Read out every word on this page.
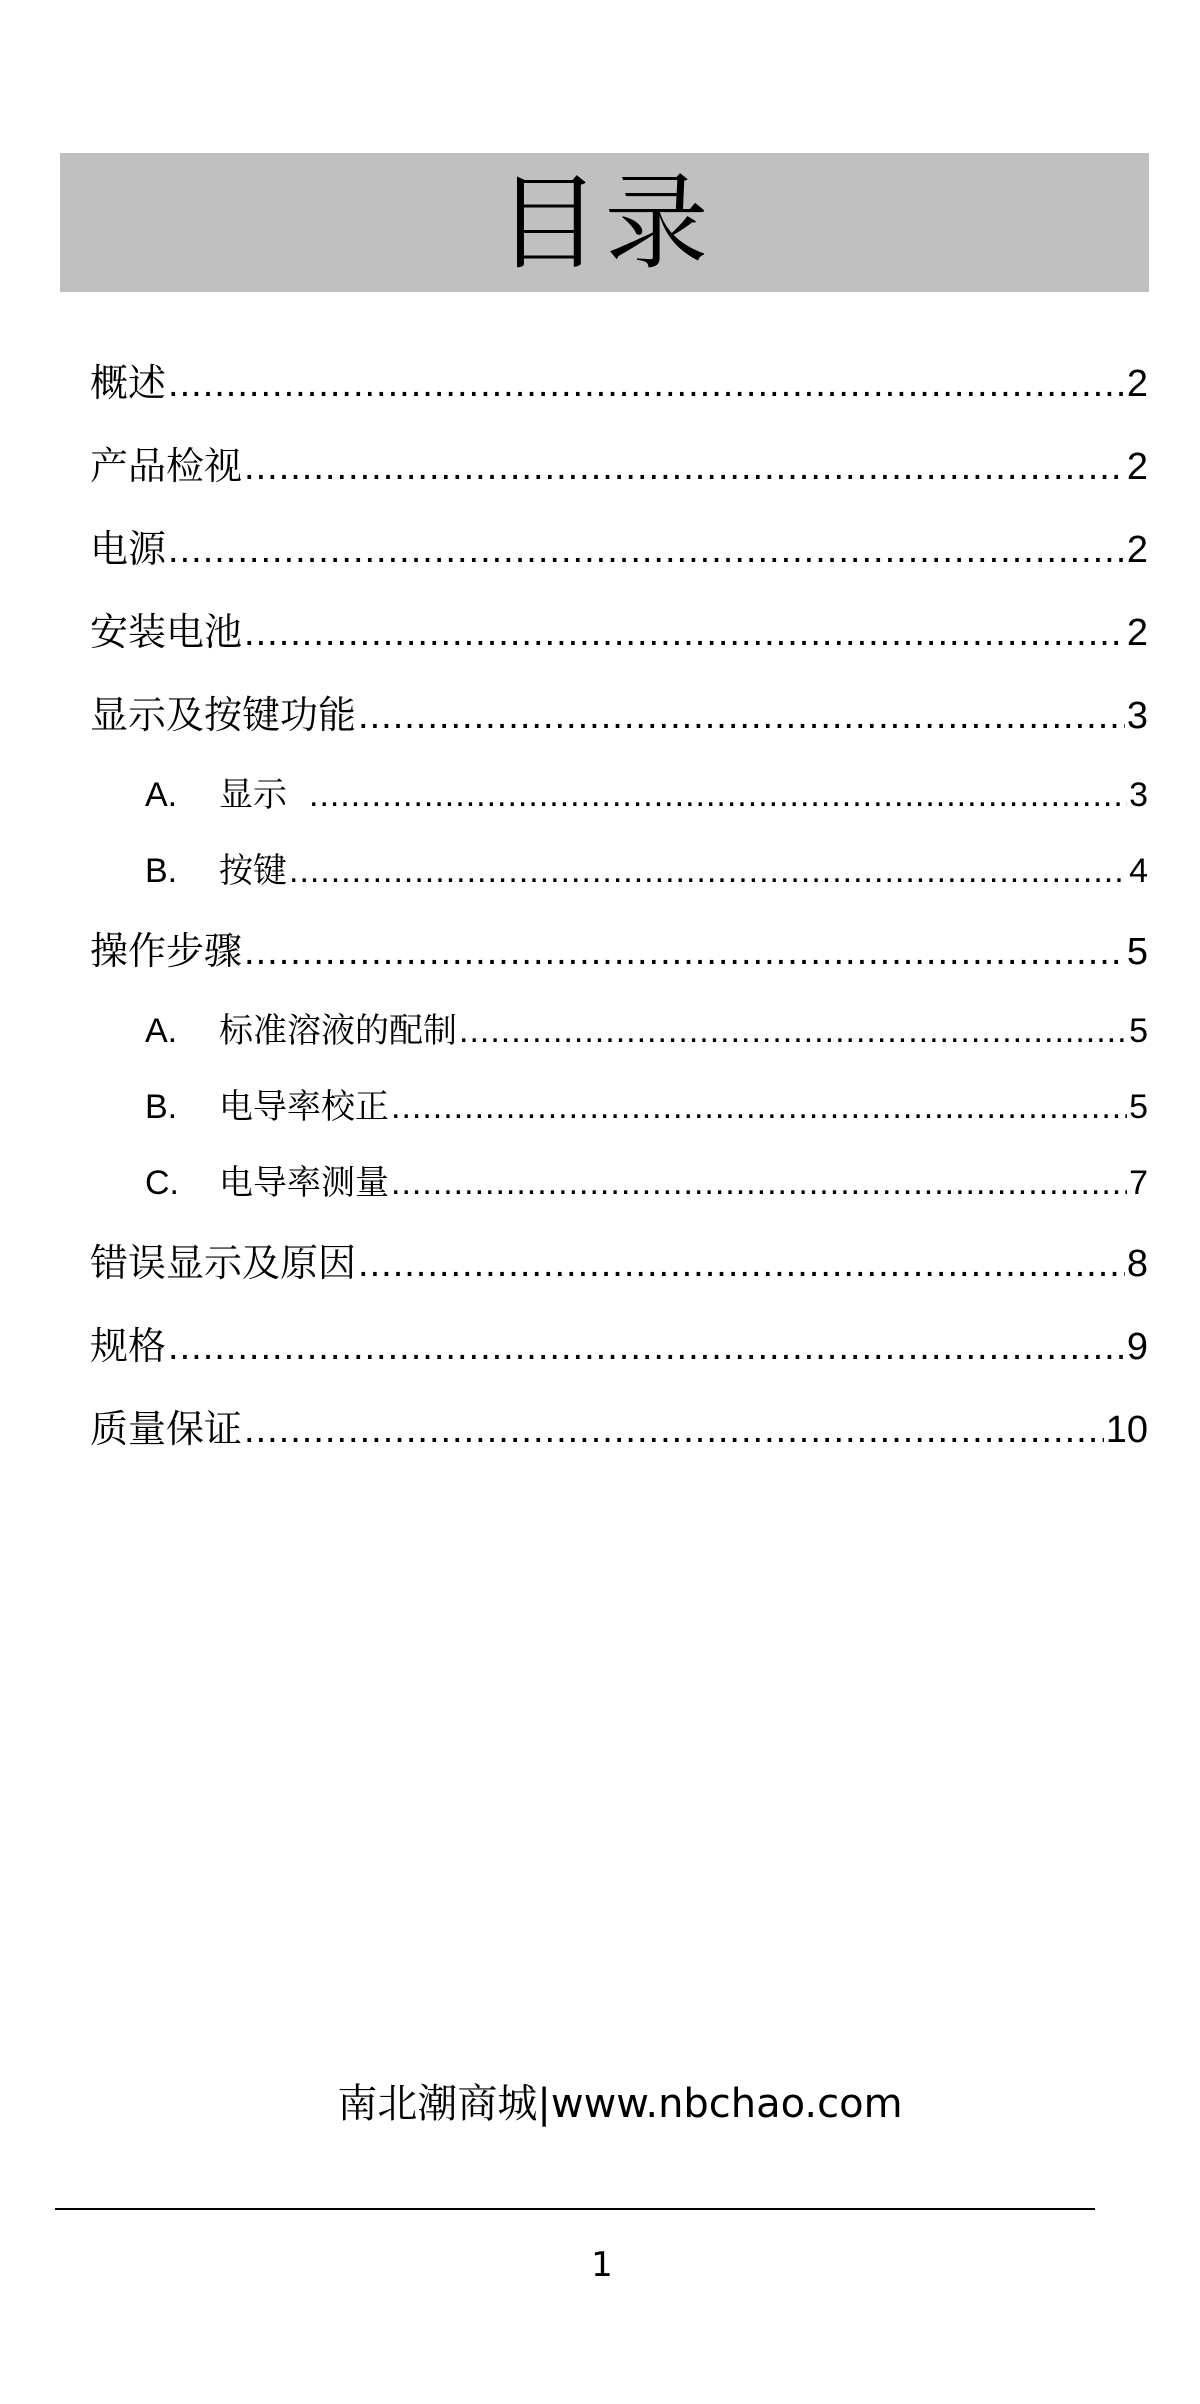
目录
概述 .....	2
产品检视 .....	2
电源 .....	2
安装电池 .....	2
显示及按键功能 .....	3
A.	显示 .....	3
B.	按键 .....	4
操作步骤 .....	5
A.	标准溶液的配制 .....	5
B.	电导率校正 .....	5
C.	电导率测量 .....	7
错误显示及原因 .....	8
规格 .....	9
质量保证 .....	10
南北潮商城|www.nbchao.com
1
